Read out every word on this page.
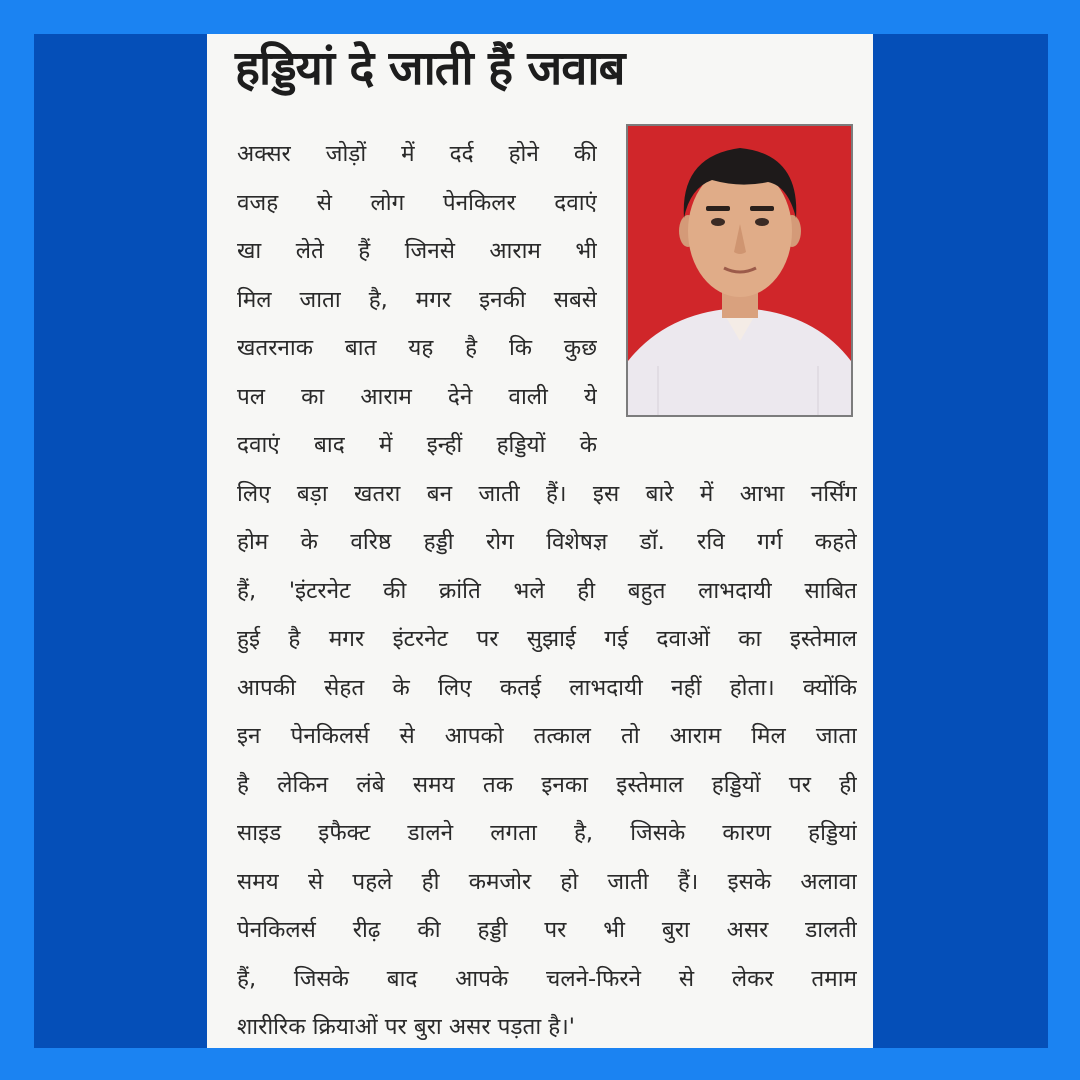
हड्डियां दे जाती हैं जवाब
अक्सर जोड़ों में दर्द होने की
वजह से लोग पेनकिलर दवाएं
खा लेते हैं जिनसे आराम भी
मिल जाता है, मगर इनकी सबसे
खतरनाक बात यह है कि कुछ
पल का आराम देने वाली ये
दवाएं बाद में इन्हीं हड्डियों के
लिए बड़ा खतरा बन जाती हैं। इस बारे में आभा नर्सिंग
होम के वरिष्ठ हड्डी रोग विशेषज्ञ डॉ. रवि गर्ग कहते
हैं, 'इंटरनेट की क्रांति भले ही बहुत लाभदायी साबित
हुई है मगर इंटरनेट पर सुझाई गई दवाओं का इस्तेमाल
आपकी सेहत के लिए कतई लाभदायी नहीं होता। क्योंकि
इन पेनकिलर्स से आपको तत्काल तो आराम मिल जाता
है लेकिन लंबे समय तक इनका इस्तेमाल हड्डियों पर ही
साइड इफैक्ट डालने लगता है, जिसके कारण हड्डियां
समय से पहले ही कमजोर हो जाती हैं। इसके अलावा
पेनकिलर्स रीढ़ की हड्डी पर भी बुरा असर डालती
हैं, जिसके बाद आपके चलने-फिरने से लेकर तमाम
शारीरिक क्रियाओं पर बुरा असर पड़ता है।'
